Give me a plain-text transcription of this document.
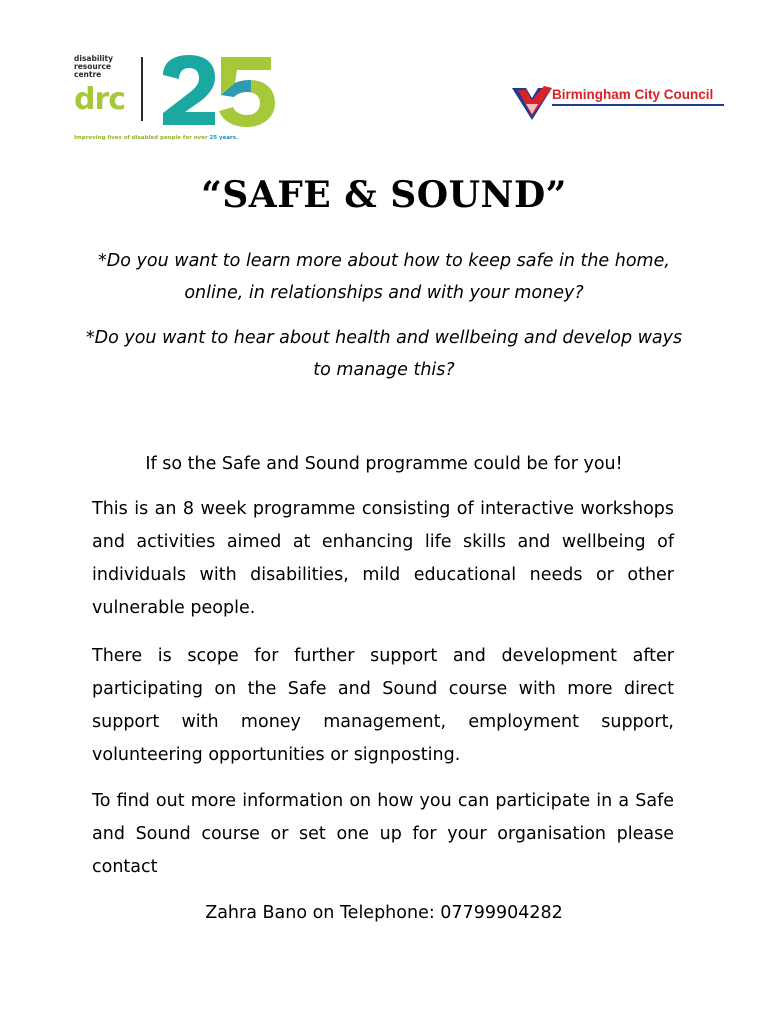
disability
resource
centre
drc
Improving lives of disabled people for over 25 years.
Birmingham City Council
“SAFE & SOUND”
*Do you want to learn more about how to keep safe in the home, online, in relationships and with your money?
*Do you want to hear about health and wellbeing and develop ways to manage this?
If so the Safe and Sound programme could be for you!
This is an 8 week programme consisting of interactive workshops and activities aimed at enhancing life skills and wellbeing of individuals with disabilities, mild educational needs or other vulnerable people.
There is scope for further support and development after participating on the Safe and Sound course with more direct support with money management, employment support, volunteering opportunities or signposting.
To find out more information on how you can participate in a Safe and Sound course or set one up for your organisation please contact
Zahra Bano on Telephone: 07799904282
